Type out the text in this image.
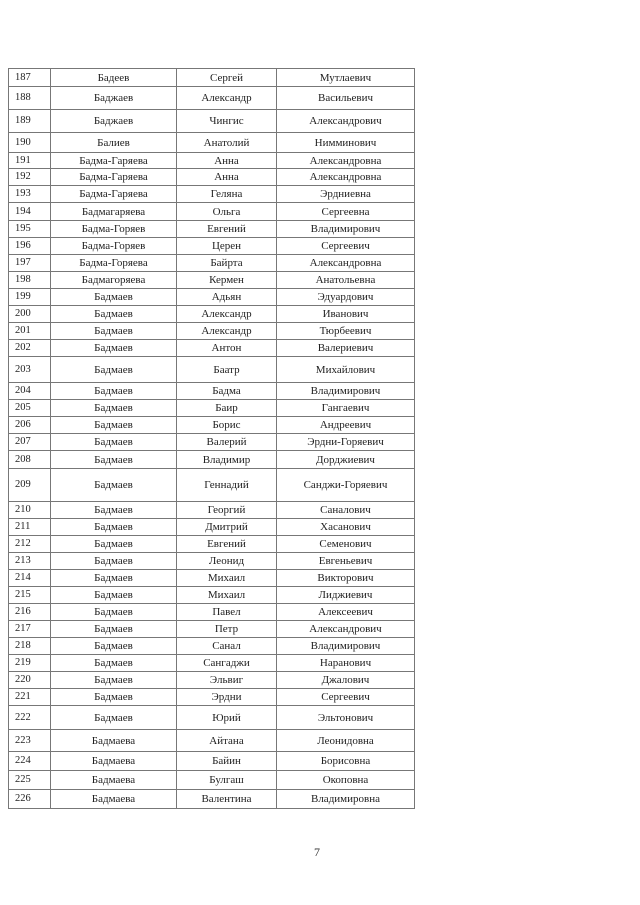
187	Бадеев	Сергей	Мутлаевич
188	Баджаев	Александр	Васильевич
189	Баджаев	Чингис	Александрович
190	Балиев	Анатолий	Нимминович
191	Бадма-Гаряева	Анна	Александровна
192	Бадма-Гаряева	Анна	Александровна
193	Бадма-Гаряева	Геляна	Эрдниевна
194	Бадмагаряева	Ольга	Сергеевна
195	Бадма-Горяев	Евгений	Владимирович
196	Бадма-Горяев	Церен	Сергеевич
197	Бадма-Горяева	Байрта	Александровна
198	Бадмагоряева	Кермен	Анатольевна
199	Бадмаев	Адьян	Эдуардович
200	Бадмаев	Александр	Иванович
201	Бадмаев	Александр	Тюрбеевич
202	Бадмаев	Антон	Валериевич
203	Бадмаев	Баатр	Михайлович
204	Бадмаев	Бадма	Владимирович
205	Бадмаев	Баир	Гангаевич
206	Бадмаев	Борис	Андреевич
207	Бадмаев	Валерий	Эрдни-Горяевич
208	Бадмаев	Владимир	Дорджиевич
209	Бадмаев	Геннадий	Санджи-Горяевич
210	Бадмаев	Георгий	Саналович
211	Бадмаев	Дмитрий	Хасанович
212	Бадмаев	Евгений	Семенович
213	Бадмаев	Леонид	Евгеньевич
214	Бадмаев	Михаил	Викторович
215	Бадмаев	Михаил	Лиджиевич
216	Бадмаев	Павел	Алексеевич
217	Бадмаев	Петр	Александрович
218	Бадмаев	Санал	Владимирович
219	Бадмаев	Сангаджи	Наранович
220	Бадмаев	Эльвиг	Джалович
221	Бадмаев	Эрдни	Сергеевич
222	Бадмаев	Юрий	Эльтонович
223	Бадмаева	Айтана	Леонидовна
224	Бадмаева	Байин	Борисовна
225	Бадмаева	Булгаш	Окоповна
226	Бадмаева	Валентина	Владимировна
7
